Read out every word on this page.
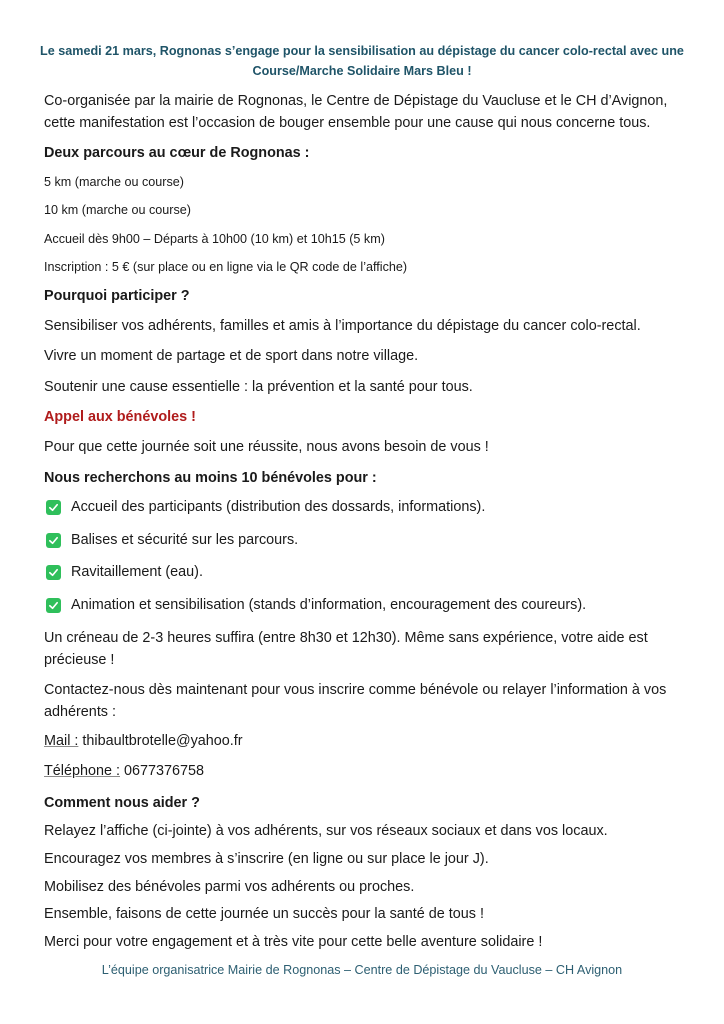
Le samedi 21 mars, Rognonas s’engage pour la sensibilisation au dépistage du cancer colo-rectal avec une Course/Marche Solidaire Mars Bleu !
Co-organisée par la mairie de Rognonas, le Centre de Dépistage du Vaucluse et le CH d’Avignon, cette manifestation est l’occasion de bouger ensemble pour une cause qui nous concerne tous.
Deux parcours au cœur de Rognonas :
5 km (marche ou course)
10 km (marche ou course)
Accueil dès 9h00 – Départs à 10h00 (10 km) et 10h15 (5 km)
Inscription : 5 € (sur place ou en ligne via le QR code de l’affiche)
Pourquoi participer ?
Sensibiliser vos adhérents, familles et amis à l’importance du dépistage du cancer colo-rectal.
Vivre un moment de partage et de sport dans notre village.
Soutenir une cause essentielle : la prévention et la santé pour tous.
Appel aux bénévoles !
Pour que cette journée soit une réussite, nous avons besoin de vous !
Nous recherchons au moins 10 bénévoles pour :
Accueil des participants (distribution des dossards, informations).
Balises et sécurité sur les parcours.
Ravitaillement (eau).
Animation et sensibilisation (stands d’information, encouragement des coureurs).
Un créneau de 2-3 heures suffira (entre 8h30 et 12h30). Même sans expérience, votre aide est précieuse !
Contactez-nous dès maintenant pour vous inscrire comme bénévole ou relayer l’information à vos adhérents :
Mail : thibaultbrotelle@yahoo.fr
Téléphone : 0677376758
Comment nous aider ?
Relayez l’affiche (ci-jointe) à vos adhérents, sur vos réseaux sociaux et dans vos locaux.
Encouragez vos membres à s’inscrire (en ligne ou sur place le jour J).
Mobilisez des bénévoles parmi vos adhérents ou proches.
Ensemble, faisons de cette journée un succès pour la santé de tous !
Merci pour votre engagement et à très vite pour cette belle aventure solidaire !
L’équipe organisatrice Mairie de Rognonas – Centre de Dépistage du Vaucluse – CH Avignon
